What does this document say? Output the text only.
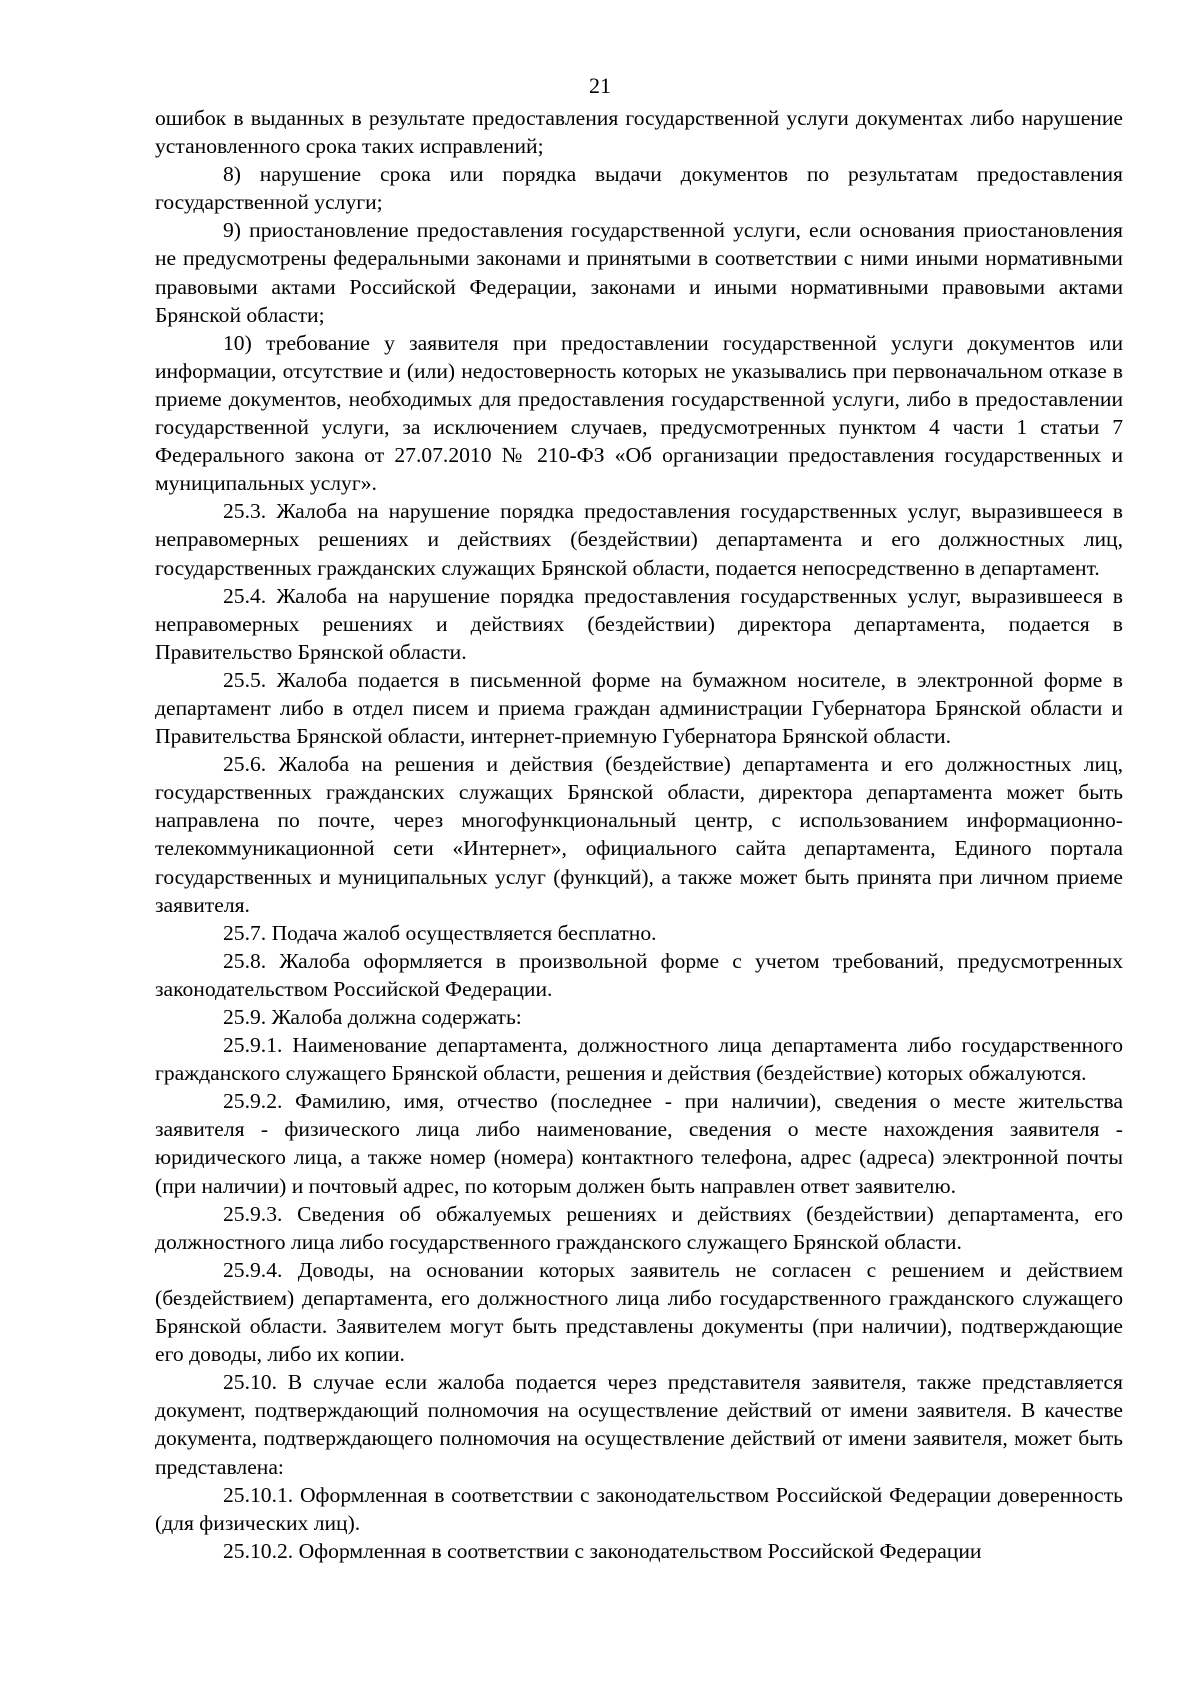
21

ошибок в выданных в результате предоставления государственной услуги документах либо нарушение установленного срока таких исправлений;

8) нарушение срока или порядка выдачи документов по результатам предоставления государственной услуги;

9) приостановление предоставления государственной услуги, если основания приостановления не предусмотрены федеральными законами и принятыми в соответствии с ними иными нормативными правовыми актами Российской Федерации, законами и иными нормативными правовыми актами Брянской области;

10) требование у заявителя при предоставлении государственной услуги документов или информации, отсутствие и (или) недостоверность которых не указывались при первоначальном отказе в приеме документов, необходимых для предоставления государственной услуги, либо в предоставлении государственной услуги, за исключением случаев, предусмотренных пунктом 4 части 1 статьи 7 Федерального закона от 27.07.2010 № 210-ФЗ «Об организации предоставления государственных и муниципальных услуг».

25.3. Жалоба на нарушение порядка предоставления государственных услуг, выразившееся в неправомерных решениях и действиях (бездействии) департамента и его должностных лиц, государственных гражданских служащих Брянской области, подается непосредственно в департамент.

25.4. Жалоба на нарушение порядка предоставления государственных услуг, выразившееся в неправомерных решениях и действиях (бездействии) директора департамента, подается в Правительство Брянской области.

25.5. Жалоба подается в письменной форме на бумажном носителе, в электронной форме в департамент либо в отдел писем и приема граждан администрации Губернатора Брянской области и Правительства Брянской области, интернет-приемную Губернатора Брянской области.

25.6. Жалоба на решения и действия (бездействие) департамента и его должностных лиц, государственных гражданских служащих Брянской области, директора департамента может быть направлена по почте, через многофункциональный центр, с использованием информационно-телекоммуникационной сети «Интернет», официального сайта департамента, Единого портала государственных и муниципальных услуг (функций), а также может быть принята при личном приеме заявителя.

25.7. Подача жалоб осуществляется бесплатно.

25.8. Жалоба оформляется в произвольной форме с учетом требований, предусмотренных законодательством Российской Федерации.

25.9. Жалоба должна содержать:

25.9.1. Наименование департамента, должностного лица департамента либо государственного гражданского служащего Брянской области, решения и действия (бездействие) которых обжалуются.

25.9.2. Фамилию, имя, отчество (последнее - при наличии), сведения о месте жительства заявителя - физического лица либо наименование, сведения о месте нахождения заявителя - юридического лица, а также номер (номера) контактного телефона, адрес (адреса) электронной почты (при наличии) и почтовый адрес, по которым должен быть направлен ответ заявителю.

25.9.3. Сведения об обжалуемых решениях и действиях (бездействии) департамента, его должностного лица либо государственного гражданского служащего Брянской области.

25.9.4. Доводы, на основании которых заявитель не согласен с решением и действием (бездействием) департамента, его должностного лица либо государственного гражданского служащего Брянской области. Заявителем могут быть представлены документы (при наличии), подтверждающие его доводы, либо их копии.

25.10. В случае если жалоба подается через представителя заявителя, также представляется документ, подтверждающий полномочия на осуществление действий от имени заявителя. В качестве документа, подтверждающего полномочия на осуществление действий от имени заявителя, может быть представлена:

25.10.1. Оформленная в соответствии с законодательством Российской Федерации доверенность (для физических лиц).

25.10.2. Оформленная в соответствии с законодательством Российской Федерации
